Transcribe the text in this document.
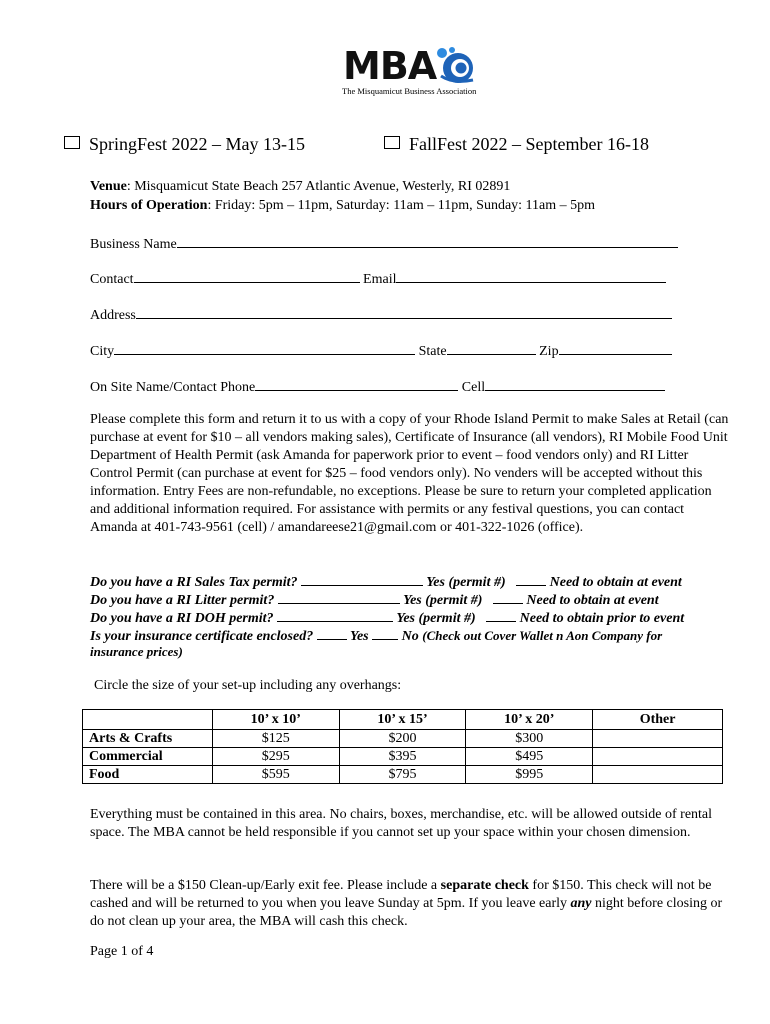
MBA
The Misquamicut Business Association
SpringFest 2022 – May 13-15	FallFest 2022 – September 16-18
Venue: Misquamicut State Beach 257 Atlantic Avenue, Westerly, RI 02891
Hours of Operation: Friday: 5pm – 11pm, Saturday: 11am – 11pm, Sunday: 11am – 5pm
Business Name
Contact	Email
Address
City	State	Zip
On Site Name/Contact Phone	Cell
Please complete this form and return it to us with a copy of your Rhode Island Permit to make Sales at Retail (can purchase at event for $10 – all vendors making sales), Certificate of Insurance (all vendors), RI Mobile Food Unit Department of Health Permit (ask Amanda for paperwork prior to event – food vendors only) and RI Litter Control Permit (can purchase at event for $25 – food vendors only). No venders will be accepted without this information. Entry Fees are non-refundable, no exceptions. Please be sure to return your completed application and additional information required. For assistance with permits or any festival questions, you can contact Amanda at 401-743-9561 (cell) / amandareese21@gmail.com or 401-322-1026 (office).
Do you have a RI Sales Tax permit?	Yes (permit #)	Need to obtain at event
Do you have a RI Litter permit?	Yes (permit #)	Need to obtain at event
Do you have a RI DOH permit?	Yes (permit #)	Need to obtain prior to event
Is your insurance certificate enclosed?	Yes No (Check out Cover Wallet n Aon Company for
insurance prices)
Circle the size of your set-up including any overhangs:
	10’ x 10’	10’ x 15’	10’ x 20’	Other
Arts & Crafts	$125	$200	$300	
Commercial	$295	$395	$495	
Food	$595	$795	$995	
Everything must be contained in this area. No chairs, boxes, merchandise, etc. will be allowed outside of rental space. The MBA cannot be held responsible if you cannot set up your space within your chosen dimension.
There will be a $150 Clean-up/Early exit fee. Please include a separate check for $150. This check will not be cashed and will be returned to you when you leave Sunday at 5pm. If you leave early any night before closing or do not clean up your area, the MBA will cash this check.
Page 1 of 4
